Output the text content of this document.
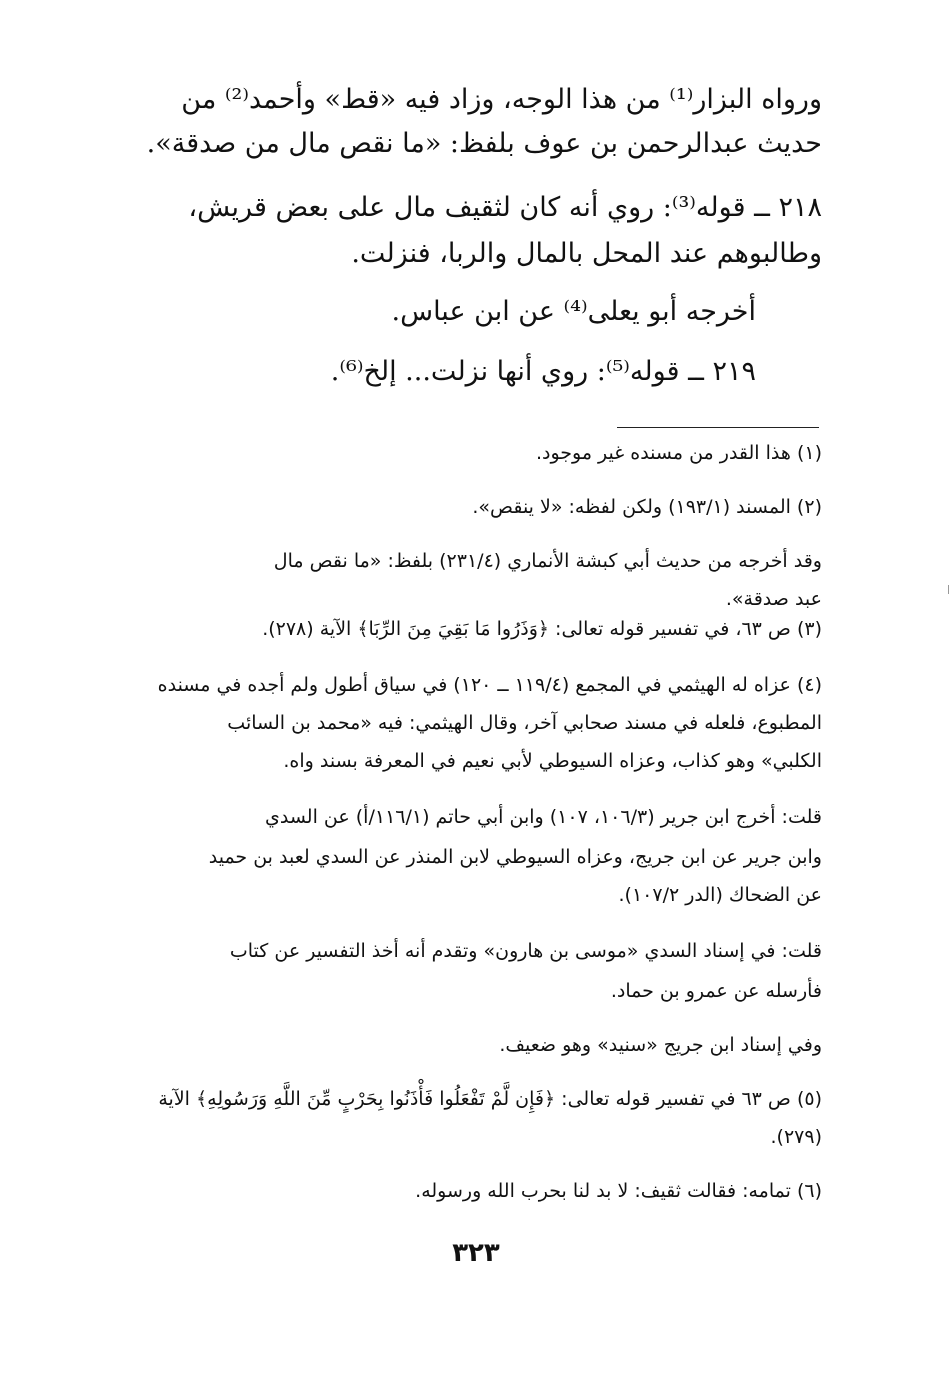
ورواه البزار⁽¹⁾ من هذا الوجه، وزاد فيه «قط» وأحمد⁽²⁾ من
حديث عبدالرحمن بن عوف بلفظ: «ما نقص مال من صدقة».
٢١٨ ــ قوله⁽³⁾: روي أنه كان لثقيف مال على بعض قريش،
وطالبوهم عند المحل بالمال والربا، فنزلت.
أخرجه أبو يعلى⁽⁴⁾ عن ابن عباس.
٢١٩ ــ قوله⁽⁵⁾: روي أنها نزلت... إلخ⁽⁶⁾.
(١) هذا القدر من مسنده غير موجود.
(٢) المسند (١٩٣/١) ولكن لفظه: «لا ينقص».
وقد أخرجه من حديث أبي كبشة الأنماري (٢٣١/٤) بلفظ: «ما نقص مال
عبد صدقة».
(٣) ص ٦٣، في تفسير قوله تعالى: ﴿وَذَرُوا مَا بَقِيَ مِنَ الرِّبَا﴾ الآية (٢٧٨).
(٤) عزاه له الهيثمي في المجمع (١١٩/٤ ــ ١٢٠) في سياق أطول ولم أجده في مسنده
المطبوع، فلعله في مسند صحابي آخر، وقال الهيثمي: فيه «محمد بن السائب
الكلبي» وهو كذاب، وعزاه السيوطي لأبي نعيم في المعرفة بسند واه.
قلت: أخرج ابن جرير (١٠٦/٣، ١٠٧) وابن أبي حاتم (١١٦/١/أ) عن السدي
وابن جرير عن ابن جريج، وعزاه السيوطي لابن المنذر عن السدي لعبد بن حميد
عن الضحاك (الدر ١٠٧/٢).
قلت: في إسناد السدي «موسى بن هارون» وتقدم أنه أخذ التفسير عن كتاب
فأرسله عن عمرو بن حماد.
وفي إسناد ابن جريج «سنيد» وهو ضعيف.
(٥) ص ٦٣ في تفسير قوله تعالى: ﴿فَإِن لَّمْ تَفْعَلُوا فَأْذَنُوا بِحَرْبٍ مِّنَ اللَّهِ وَرَسُولِهِ﴾ الآية
(٢٧٩).
(٦) تمامه: فقالت ثقيف: لا بد لنا بحرب الله ورسوله.
٣٢٣
